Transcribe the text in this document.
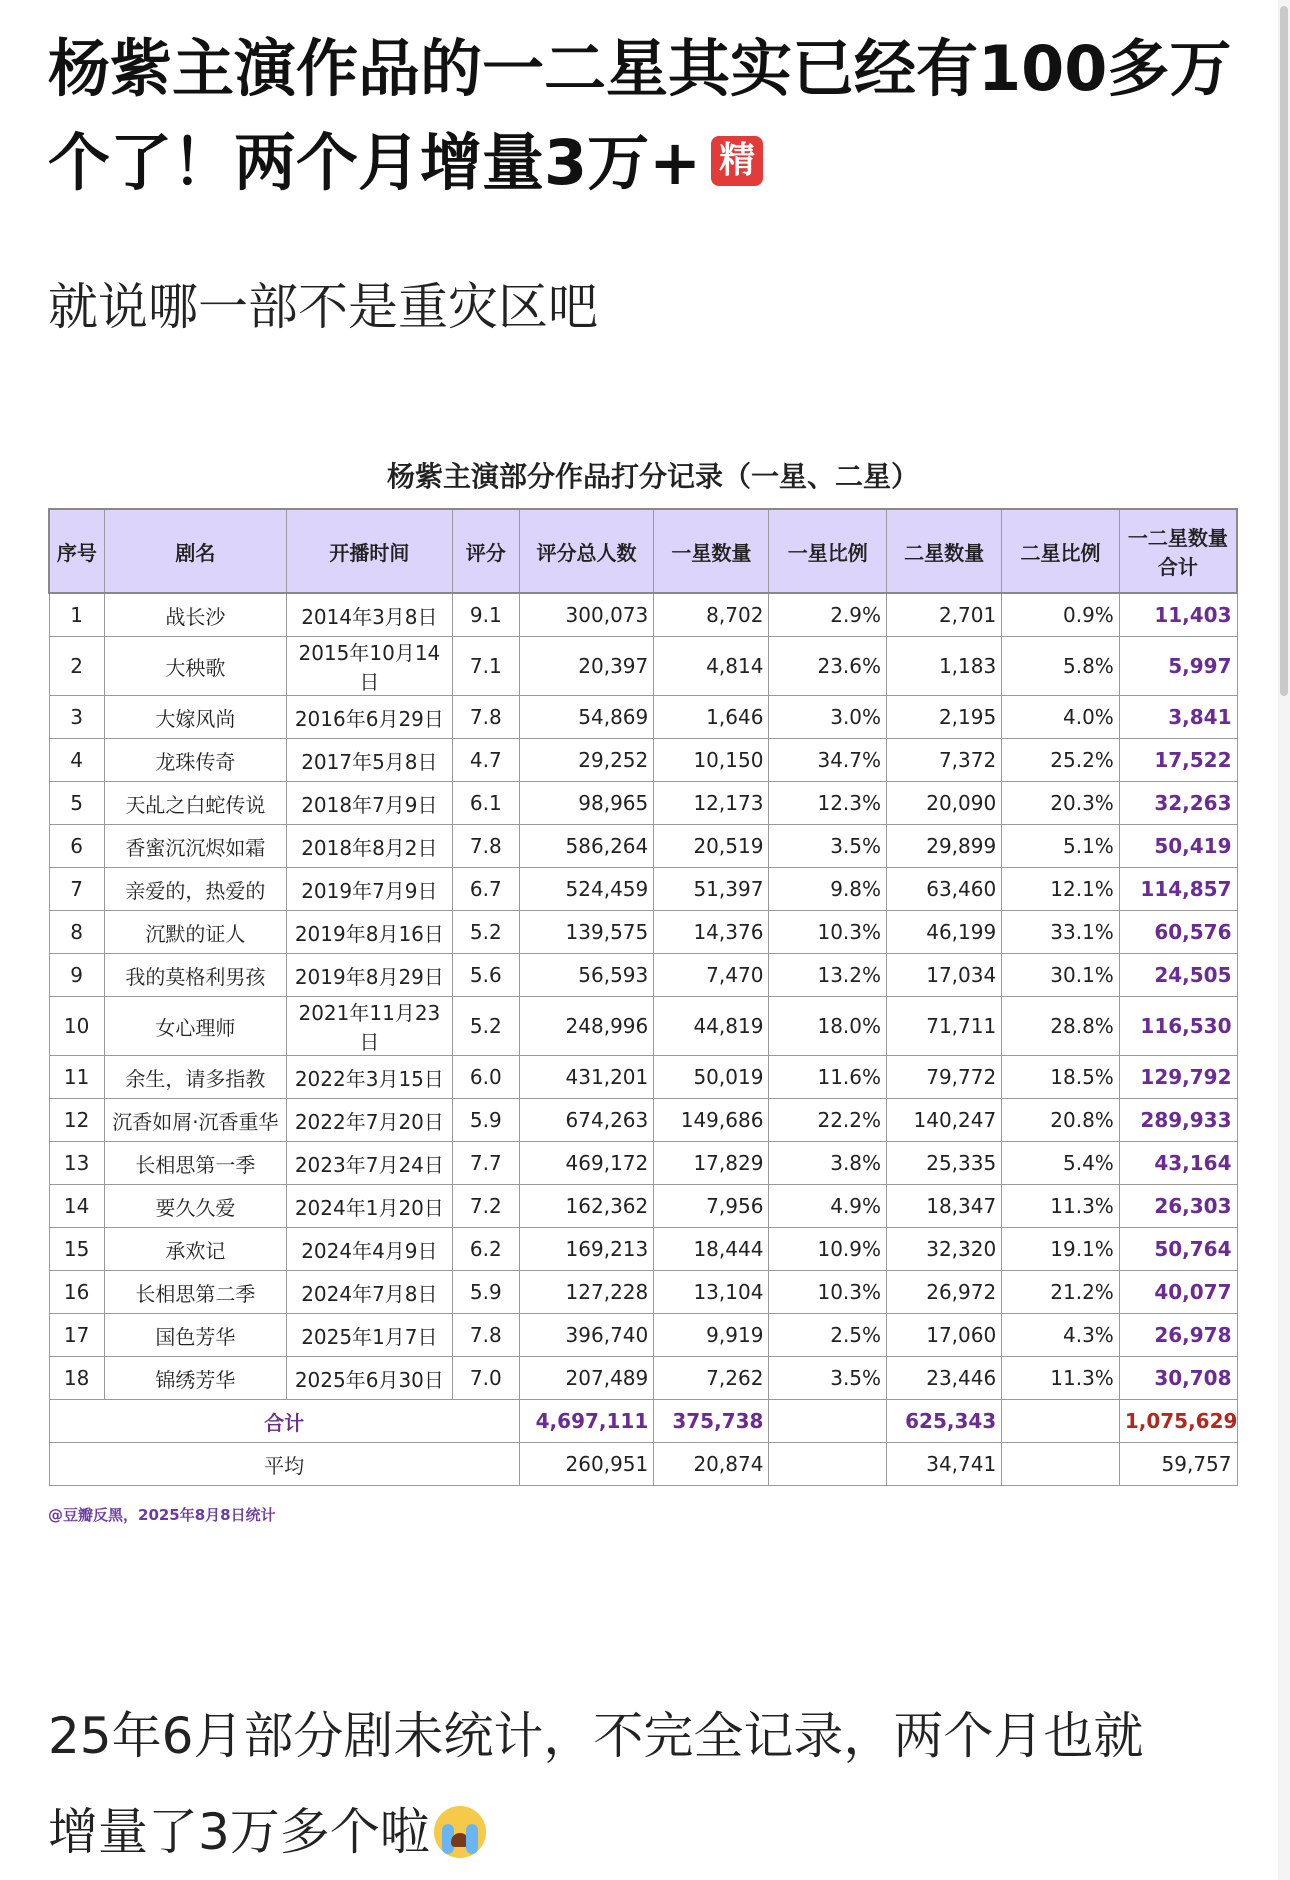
杨紫主演作品的一二星其实已经有100多万个了！两个月增量3万+ 精
就说哪一部不是重灾区吧
杨紫主演部分作品打分记录（一星、二星）
序号	剧名	开播时间	评分	评分总人数	一星数量	一星比例	二星数量	二星比例	一二星数量合计
1	战长沙	2014年3月8日	9.1	300,073	8,702	2.9%	2,701	0.9%	11,403
2	大秧歌	2015年10月14日	7.1	20,397	4,814	23.6%	1,183	5.8%	5,997
3	大嫁风尚	2016年6月29日	7.8	54,869	1,646	3.0%	2,195	4.0%	3,841
4	龙珠传奇	2017年5月8日	4.7	29,252	10,150	34.7%	7,372	25.2%	17,522
5	天乩之白蛇传说	2018年7月9日	6.1	98,965	12,173	12.3%	20,090	20.3%	32,263
6	香蜜沉沉烬如霜	2018年8月2日	7.8	586,264	20,519	3.5%	29,899	5.1%	50,419
7	亲爱的，热爱的	2019年7月9日	6.7	524,459	51,397	9.8%	63,460	12.1%	114,857
8	沉默的证人	2019年8月16日	5.2	139,575	14,376	10.3%	46,199	33.1%	60,576
9	我的莫格利男孩	2019年8月29日	5.6	56,593	7,470	13.2%	17,034	30.1%	24,505
10	女心理师	2021年11月23日	5.2	248,996	44,819	18.0%	71,711	28.8%	116,530
11	余生，请多指教	2022年3月15日	6.0	431,201	50,019	11.6%	79,772	18.5%	129,792
12	沉香如屑·沉香重华	2022年7月20日	5.9	674,263	149,686	22.2%	140,247	20.8%	289,933
13	长相思第一季	2023年7月24日	7.7	469,172	17,829	3.8%	25,335	5.4%	43,164
14	要久久爱	2024年1月20日	7.2	162,362	7,956	4.9%	18,347	11.3%	26,303
15	承欢记	2024年4月9日	6.2	169,213	18,444	10.9%	32,320	19.1%	50,764
16	长相思第二季	2024年7月8日	5.9	127,228	13,104	10.3%	26,972	21.2%	40,077
17	国色芳华	2025年1月7日	7.8	396,740	9,919	2.5%	17,060	4.3%	26,978
18	锦绣芳华	2025年6月30日	7.0	207,489	7,262	3.5%	23,446	11.3%	30,708
合计				4,697,111	375,738		625,343		1,075,629
平均				260,951	20,874		34,741		59,757
@豆瓣反黑，2025年8月8日统计
25年6月部分剧未统计，不完全记录，两个月也就
增量了3万多个啦
